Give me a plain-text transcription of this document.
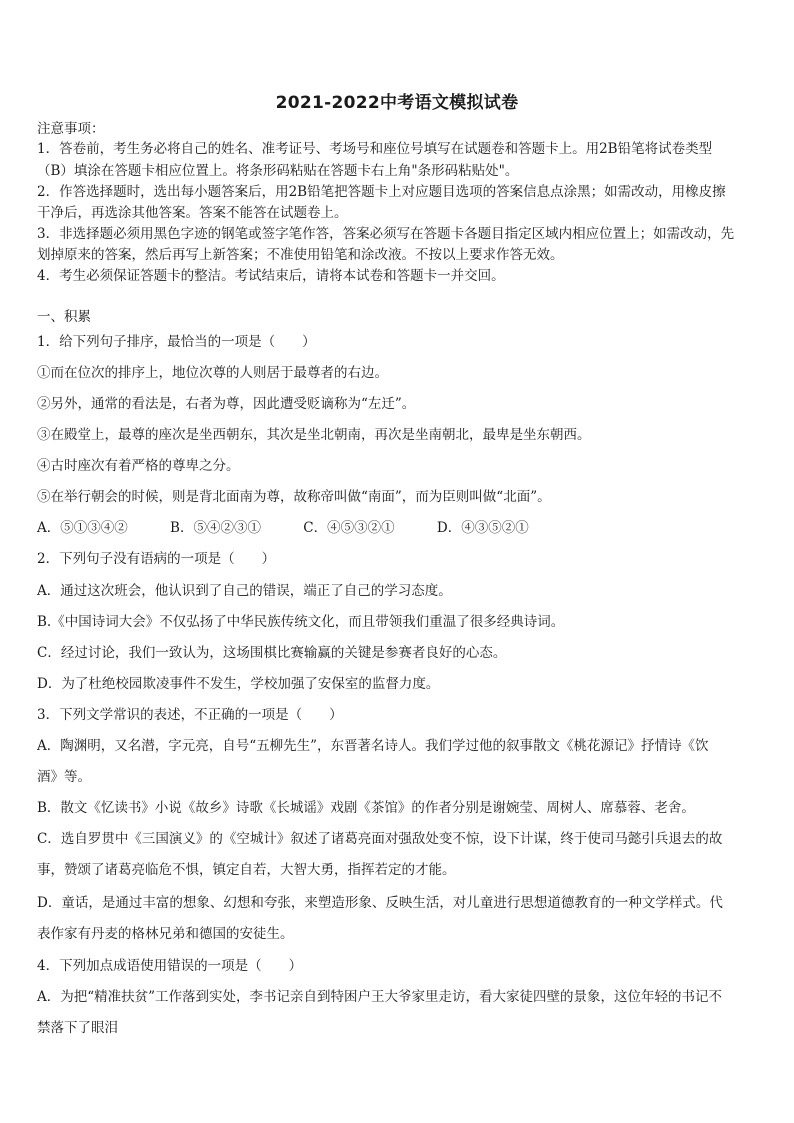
2021-2022中考语文模拟试卷
注意事项：
1．答卷前，考生务必将自己的姓名、准考证号、考场号和座位号填写在试题卷和答题卡上。用2B铅笔将试卷类型
（B）填涂在答题卡相应位置上。将条形码粘贴在答题卡右上角"条形码粘贴处"。
2．作答选择题时，选出每小题答案后，用2B铅笔把答题卡上对应题目选项的答案信息点涂黑；如需改动，用橡皮擦
干净后，再选涂其他答案。答案不能答在试题卷上。
3．非选择题必须用黑色字迹的钢笔或签字笔作答，答案必须写在答题卡各题目指定区域内相应位置上；如需改动，先
划掉原来的答案，然后再写上新答案；不准使用铅笔和涂改液。不按以上要求作答无效。
4．考生必须保证答题卡的整洁。考试结束后，请将本试卷和答题卡一并交回。
一、积累
1．给下列句子排序，最恰当的一项是（　　）
①而在位次的排序上，地位次尊的人则居于最尊者的右边。
②另外，通常的看法是，右者为尊，因此遭受贬谪称为“左迁”。
③在殿堂上，最尊的座次是坐西朝东，其次是坐北朝南，再次是坐南朝北，最卑是坐东朝西。
④古时座次有着严格的尊卑之分。
⑤在举行朝会的时候，则是背北面南为尊，故称帝叫做“南面”，而为臣则叫做“北面”。
A．⑤①③④②	B．⑤④②③①	C．④⑤③②①	D．④③⑤②①
2．下列句子没有语病的一项是（　　）
A．通过这次班会，他认识到了自己的错误，端正了自己的学习态度。
B.《中国诗词大会》不仅弘扬了中华民族传统文化，而且带领我们重温了很多经典诗词。
C．经过讨论，我们一致认为，这场围棋比赛输赢的关键是参赛者良好的心态。
D．为了杜绝校园欺凌事件不发生，学校加强了安保室的监督力度。
3．下列文学常识的表述，不正确的一项是（　　）
A．陶渊明，又名潜，字元亮，自号“五柳先生”，东晋著名诗人。我们学过他的叙事散文《桃花源记》抒情诗《饮
酒》等。
B．散文《忆读书》小说《故乡》诗歌《长城谣》戏剧《茶馆》的作者分别是谢婉莹、周树人、席慕蓉、老舍。
C．选自罗贯中《三国演义》的《空城计》叙述了诸葛亮面对强敌处变不惊，设下计谋，终于使司马懿引兵退去的故
事，赞颂了诸葛亮临危不惧，镇定自若，大智大勇，指挥若定的才能。
D．童话，是通过丰富的想象、幻想和夸张，来塑造形象、反映生活，对儿童进行思想道德教育的一种文学样式。代
表作家有丹麦的格林兄弟和德国的安徒生。
4．下列加点成语使用错误的一项是（　　）
A．为把“精准扶贫”工作落到实处，李书记亲自到特困户王大爷家里走访，看大家徒四壁的景象，这位年轻的书记不
禁落下了眼泪
